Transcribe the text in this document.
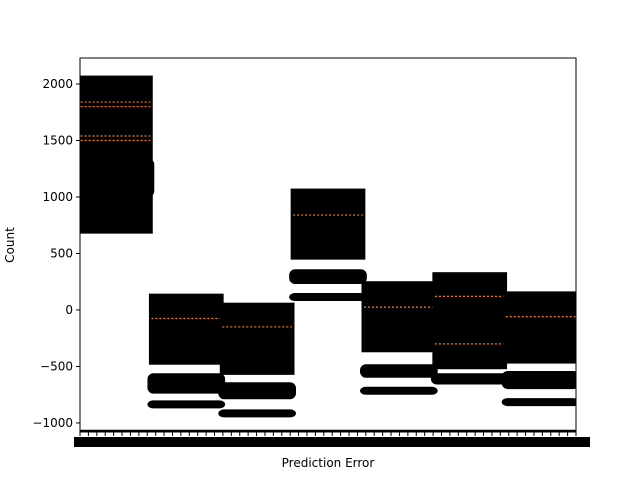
2000
1500
1000
500
0
−500
−1000
Prediction Error
Count
